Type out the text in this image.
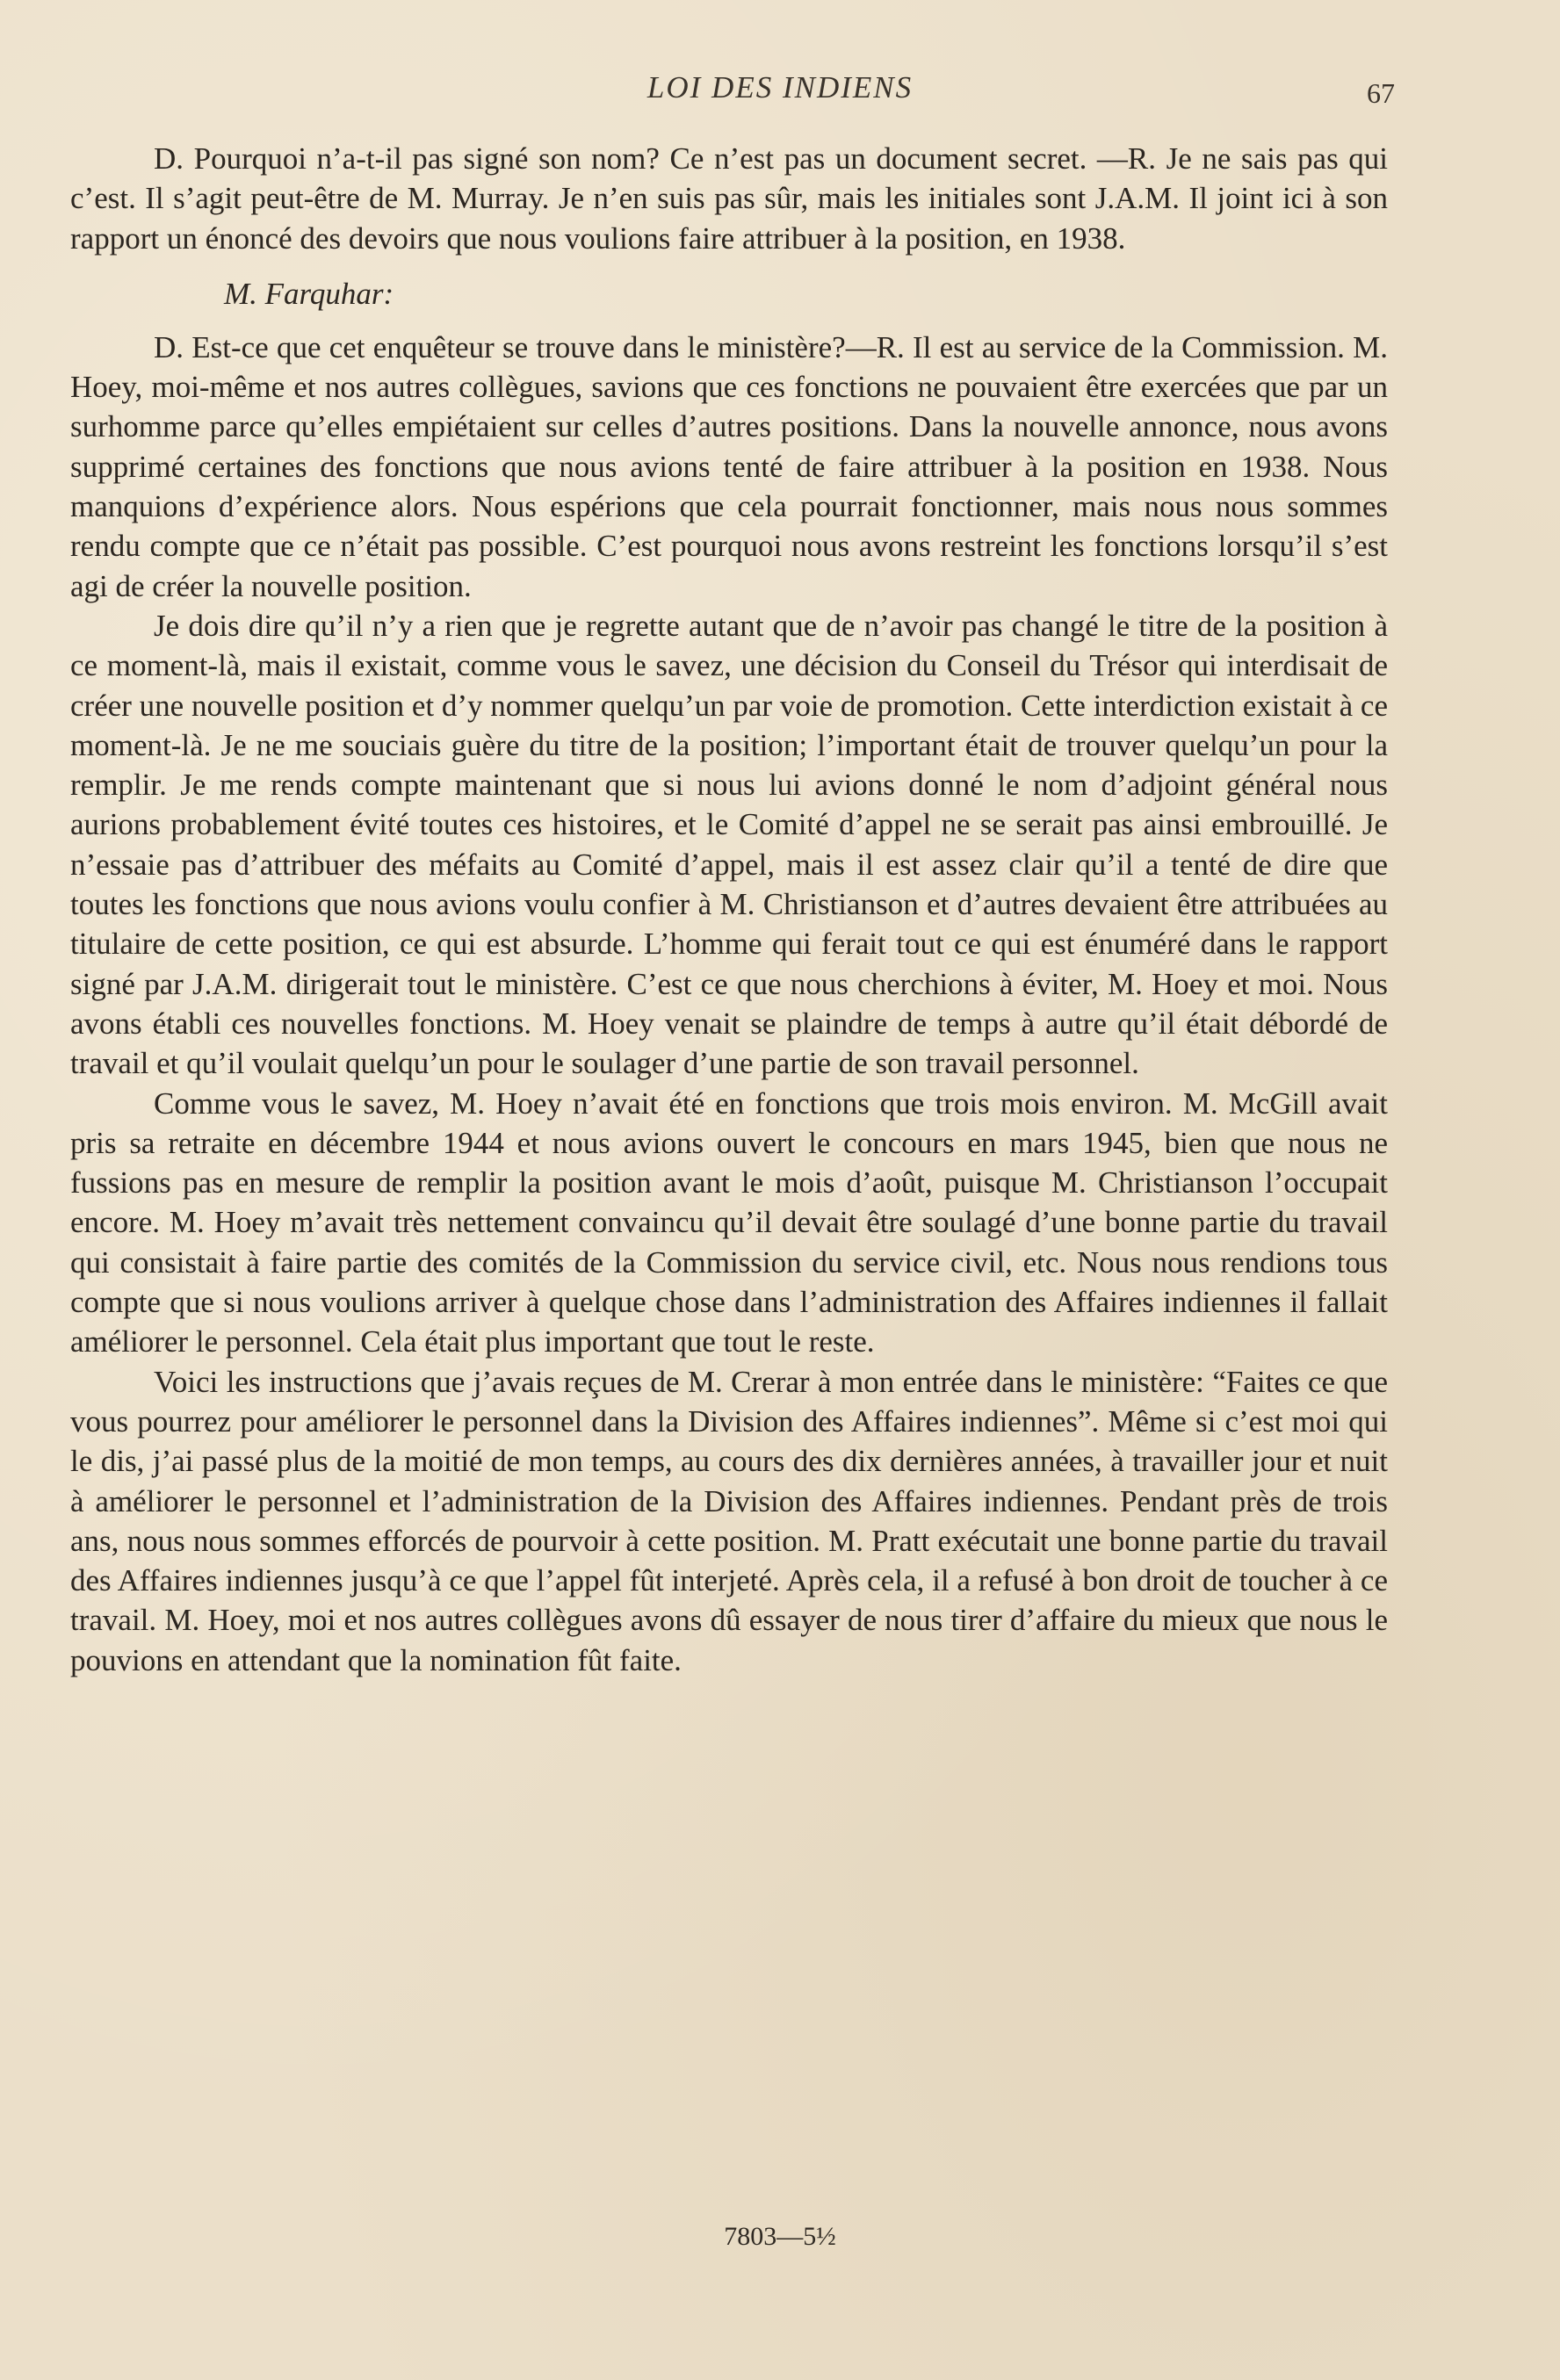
LOI DES INDIENS	67

D. Pourquoi n’a-t-il pas signé son nom? Ce n’est pas un document secret. —R. Je ne sais pas qui c’est. Il s’agit peut-être de M. Murray. Je n’en suis pas sûr, mais les initiales sont J.A.M. Il joint ici à son rapport un énoncé des devoirs que nous voulions faire attribuer à la position, en 1938.

M. Farquhar:

D. Est-ce que cet enquêteur se trouve dans le ministère?—R. Il est au service de la Commission. M. Hoey, moi-même et nos autres collègues, savions que ces fonctions ne pouvaient être exercées que par un surhomme parce qu’elles empiétaient sur celles d’autres positions. Dans la nouvelle annonce, nous avons supprimé certaines des fonctions que nous avions tenté de faire attribuer à la position en 1938. Nous manquions d’expérience alors. Nous espérions que cela pourrait fonctionner, mais nous nous sommes rendu compte que ce n’était pas possible. C’est pourquoi nous avons restreint les fonctions lorsqu’il s’est agi de créer la nouvelle position.

Je dois dire qu’il n’y a rien que je regrette autant que de n’avoir pas changé le titre de la position à ce moment-là, mais il existait, comme vous le savez, une décision du Conseil du Trésor qui interdisait de créer une nouvelle position et d’y nommer quelqu’un par voie de promotion. Cette interdiction existait à ce moment-là. Je ne me souciais guère du titre de la position; l’important était de trouver quelqu’un pour la remplir. Je me rends compte maintenant que si nous lui avions donné le nom d’adjoint général nous aurions probablement évité toutes ces histoires, et le Comité d’appel ne se serait pas ainsi embrouillé. Je n’essaie pas d’attribuer des méfaits au Comité d’appel, mais il est assez clair qu’il a tenté de dire que toutes les fonctions que nous avions voulu confier à M. Christianson et d’autres devaient être attribuées au titulaire de cette position, ce qui est absurde. L’homme qui ferait tout ce qui est énuméré dans le rapport signé par J.A.M. dirigerait tout le ministère. C’est ce que nous cherchions à éviter, M. Hoey et moi. Nous avons établi ces nouvelles fonctions. M. Hoey venait se plaindre de temps à autre qu’il était débordé de travail et qu’il voulait quelqu’un pour le soulager d’une partie de son travail personnel.

Comme vous le savez, M. Hoey n’avait été en fonctions que trois mois environ. M. McGill avait pris sa retraite en décembre 1944 et nous avions ouvert le concours en mars 1945, bien que nous ne fussions pas en mesure de remplir la position avant le mois d’août, puisque M. Christianson l’occupait encore. M. Hoey m’avait très nettement convaincu qu’il devait être soulagé d’une bonne partie du travail qui consistait à faire partie des comités de la Commission du service civil, etc. Nous nous rendions tous compte que si nous voulions arriver à quelque chose dans l’administration des Affaires indiennes il fallait améliorer le personnel. Cela était plus important que tout le reste.

Voici les instructions que j’avais reçues de M. Crerar à mon entrée dans le ministère: “Faites ce que vous pourrez pour améliorer le personnel dans la Division des Affaires indiennes”. Même si c’est moi qui le dis, j’ai passé plus de la moitié de mon temps, au cours des dix dernières années, à travailler jour et nuit à améliorer le personnel et l’administration de la Division des Affaires indiennes. Pendant près de trois ans, nous nous sommes efforcés de pourvoir à cette position. M. Pratt exécutait une bonne partie du travail des Affaires indiennes jusqu’à ce que l’appel fût interjeté. Après cela, il a refusé à bon droit de toucher à ce travail. M. Hoey, moi et nos autres collègues avons dû essayer de nous tirer d’affaire du mieux que nous le pouvions en attendant que la nomination fût faite.

7803—5½
